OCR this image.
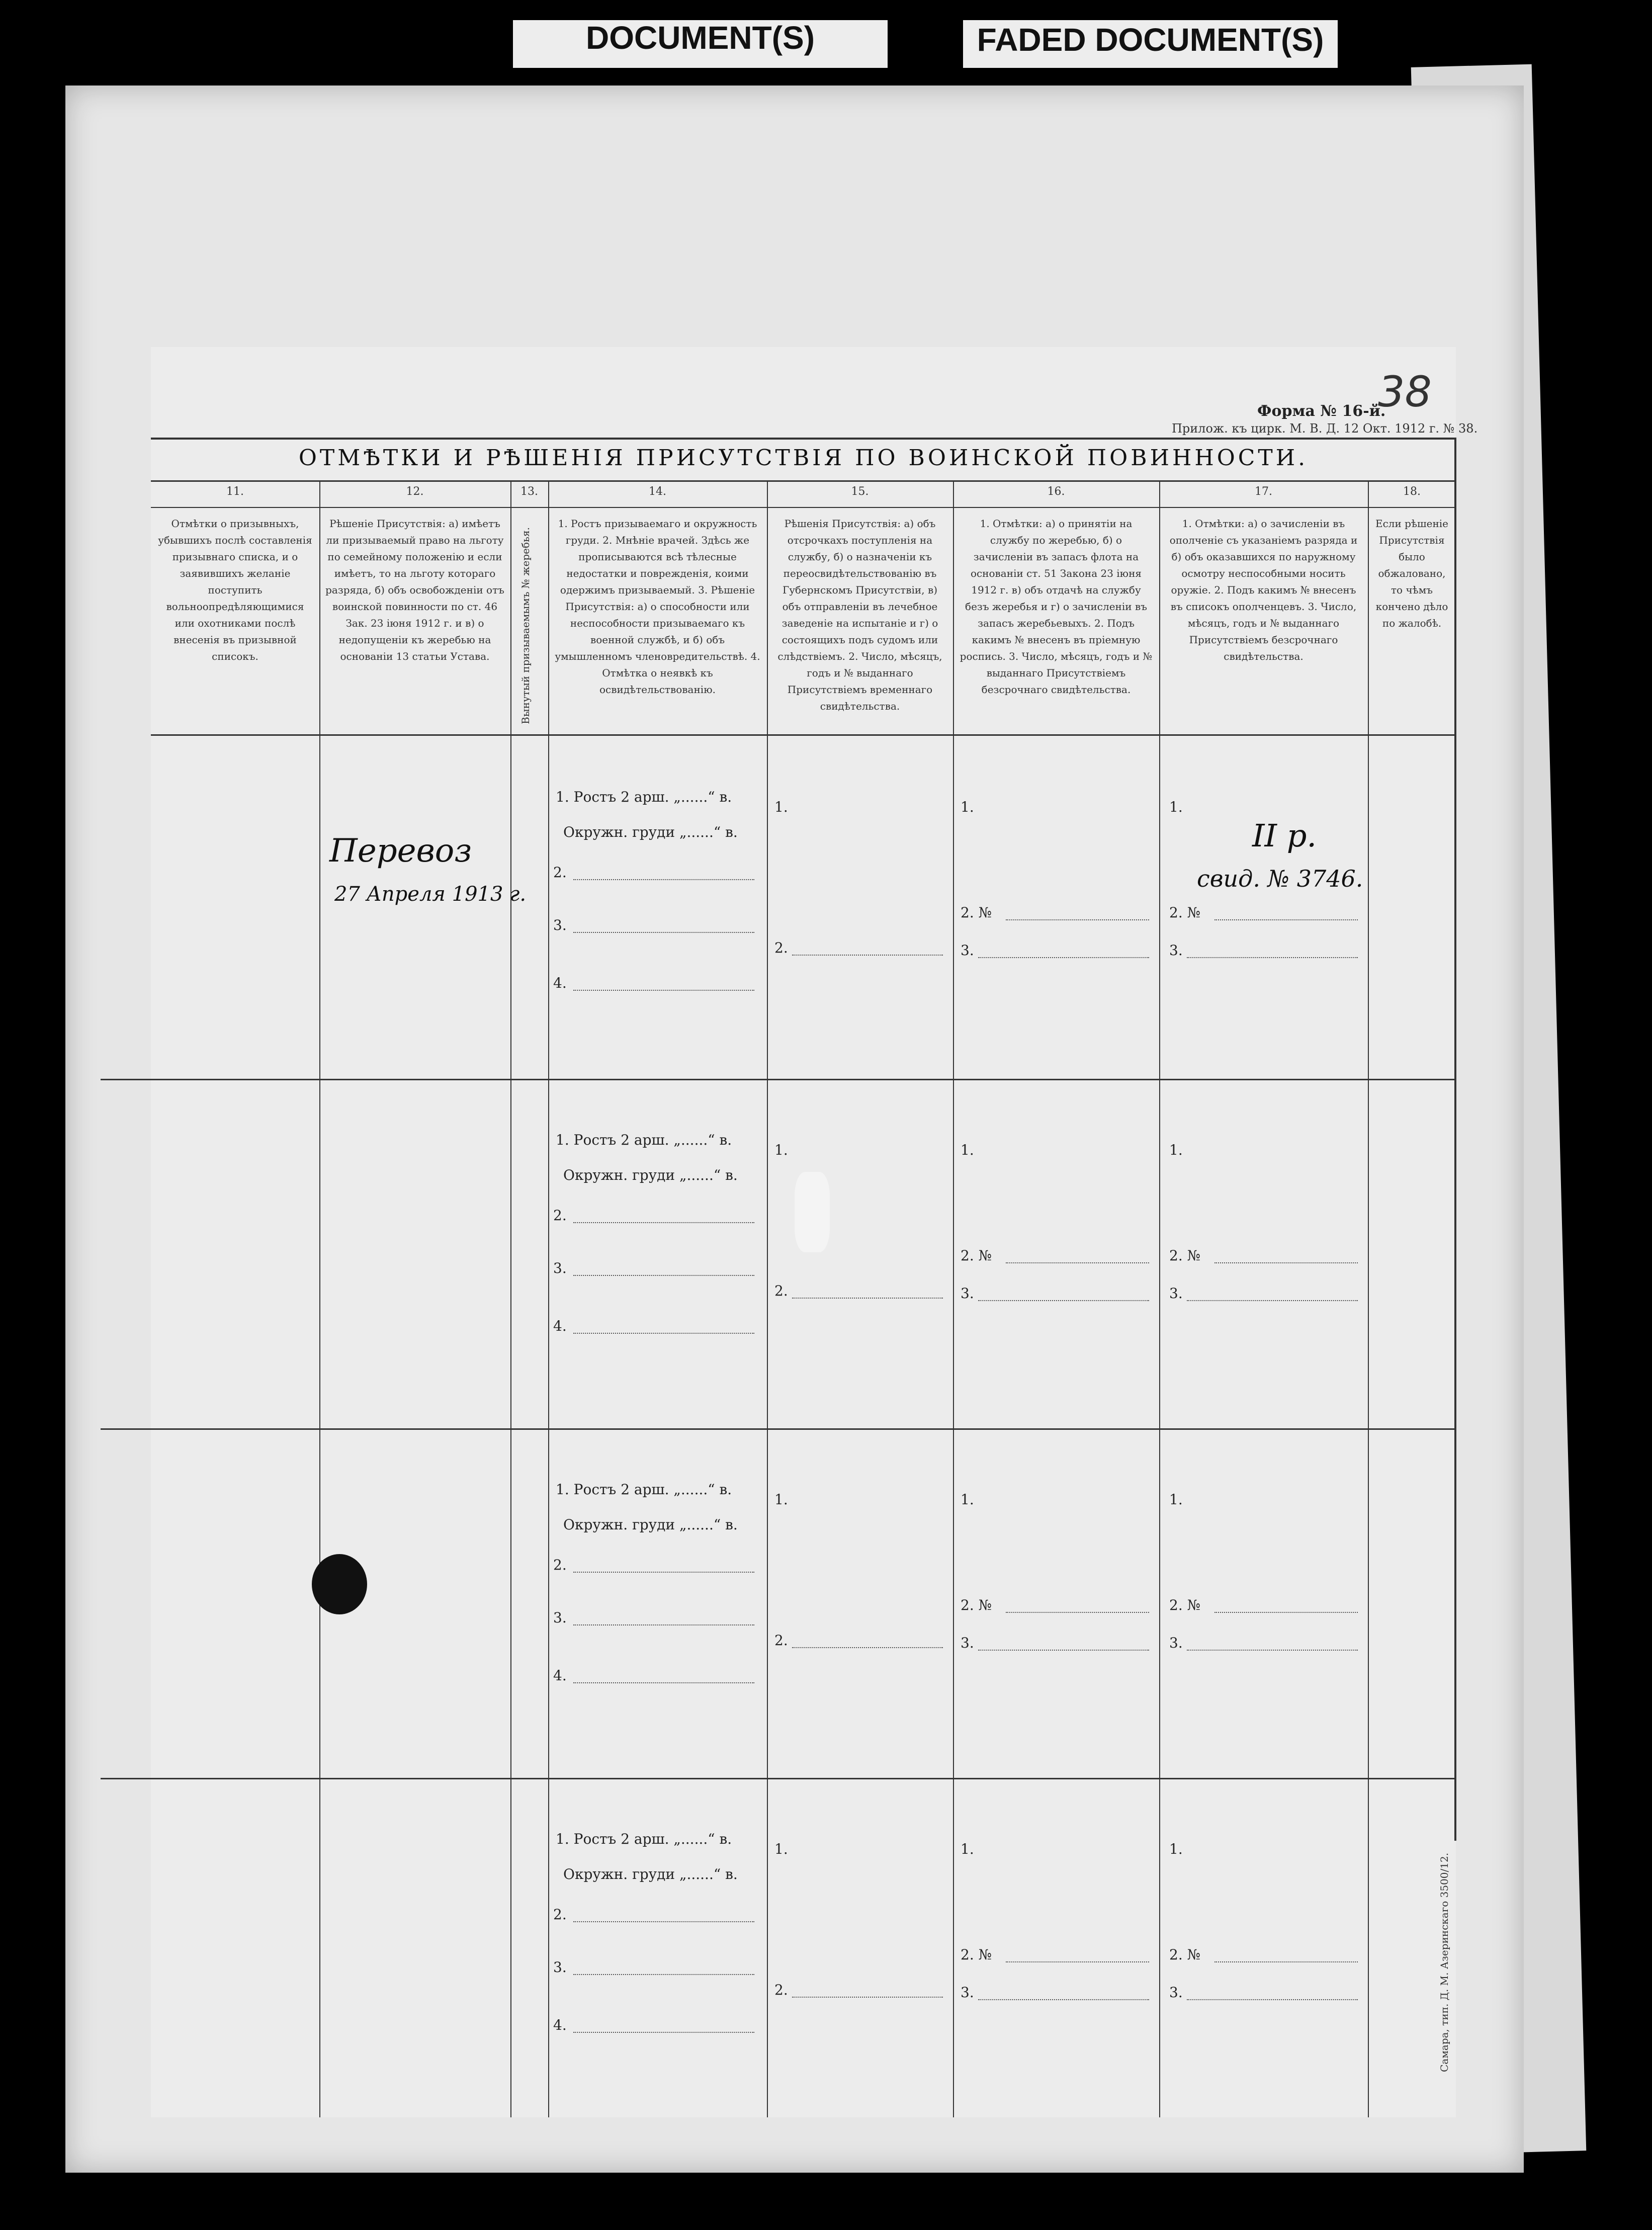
DOCUMENT(S)	FADED DOCUMENT(S)
Форма № 16-й.
38
Прилож. къ цирк. М. В. Д. 12 Окт. 1912 г. № 38.
ОТМѢТКИ И РѢШЕНІЯ ПРИСУТСТВІЯ ПО ВОИНСКОЙ ПОВИННОСТИ.
11.
Отмѣтки о призывныхъ, убывшихъ послѣ составленія призывнаго списка, и о заявившихъ желаніе поступить вольноопредѣляющимися или охотниками послѣ внесенія въ призывной списокъ.
12.
Рѣшеніе Присутствія: а) имѣетъ ли призываемый право на льготу по семейному положенію и если имѣетъ, то на льготу котораго разряда, б) объ освобожденіи отъ воинской повинности по ст. 46 Зак. 23 іюня 1912 г. и в) о недопущеніи къ жеребью на основаніи 13 статьи Устава.
13.
Вынутый призываемымъ № жеребья.
14.
1. Ростъ призываемаго и окружность груди. 2. Мнѣніе врачей. Здѣсь же прописываются всѣ тѣлесные недостатки и поврежденія, коими одержимъ призываемый. 3. Рѣшеніе Присутствія: а) о способности или неспособности призываемаго къ военной службѣ, и б) объ умышленномъ членовредительствѣ. 4. Отмѣтка о неявкѣ къ освидѣтельствованію.
15.
Рѣшенія Присутствія: а) объ отсрочкахъ поступленія на службу, б) о назначеніи къ переосвидѣтельствованію въ Губернскомъ Присутствіи, в) объ отправленіи въ лечебное заведеніе на испытаніе и г) о состоящихъ подъ судомъ или слѣдствіемъ. 2. Число, мѣсяцъ, годъ и № выданнаго Присутствіемъ временнаго свидѣтельства.
16.
1. Отмѣтки: а) о принятіи на службу по жеребью, б) о зачисленіи въ запасъ флота на основаніи ст. 51 Закона 23 іюня 1912 г. в) объ отдачѣ на службу безъ жеребья и г) о зачисленіи въ запасъ жеребьевыхъ. 2. Подъ какимъ № внесенъ въ пріемную роспись. 3. Число, мѣсяцъ, годъ и № выданнаго Присутствіемъ безсрочнаго свидѣтельства.
17.
1. Отмѣтки: а) о зачисленіи въ ополченіе съ указаніемъ разряда и б) объ оказавшихся по наружному осмотру неспособными носить оружіе. 2. Подъ какимъ № внесенъ въ списокъ ополченцевъ. 3. Число, мѣсяцъ, годъ и № выданнаго Присутствіемъ безсрочнаго свидѣтельства.
18.
Если рѣшеніе Присутствія было обжаловано, то чѣмъ кончено дѣло по жалобѣ.
1. Ростъ 2 арш. „......“ в.
Окружн. груди „......“ в.
2.
3.
4.
1.
2.
1.
2. №
3.
1.
2. №
3.
1. Ростъ 2 арш. „......“ в.
Окружн. груди „......“ в.
2.
3.
4.
1.
2.
1.
2. №
3.
1.
2. №
3.
1. Ростъ 2 арш. „......“ в.
Окружн. груди „......“ в.
2.
3.
4.
1.
2.
1.
2. №
3.
1.
2. №
3.
1. Ростъ 2 арш. „......“ в.
Окружн. груди „......“ в.
2.
3.
4.
1.
2.
1.
2. №
3.
1.
2. №
3.
Перевоз
27 Апреля 1913 г.
II р.
свид. № 3746.
Самара, тип. Д. М. Азеринскаго 3500/12.
